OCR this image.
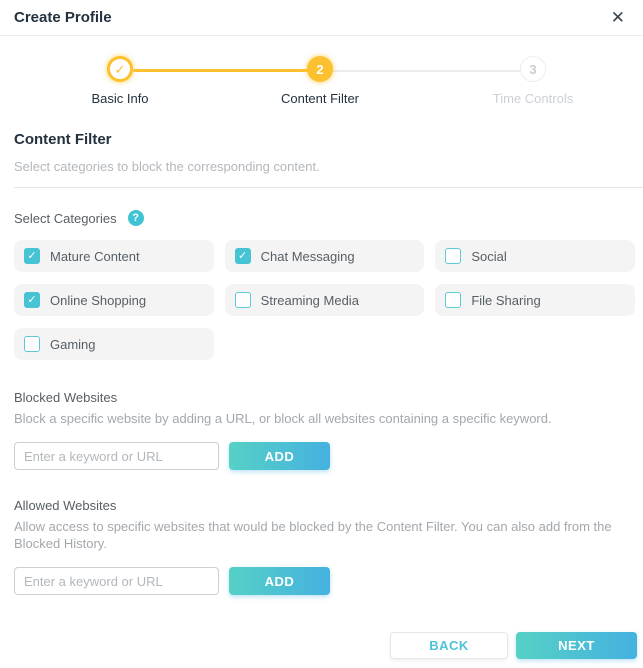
Create Profile	✕
✓
Basic Info
2
Content Filter
3
Time Controls
Content Filter
Select categories to block the corresponding content.
Select Categories	?
✓ Mature Content	✓ Chat Messaging	Social
✓ Online Shopping	Streaming Media	File Sharing
Gaming
Blocked Websites
Block a specific website by adding a URL, or block all websites containing a specific keyword.
Enter a keyword or URL
ADD
Allowed Websites
Allow access to specific websites that would be blocked by the Content Filter. You can also add from the Blocked History.
Enter a keyword or URL
ADD
BACK	NEXT
